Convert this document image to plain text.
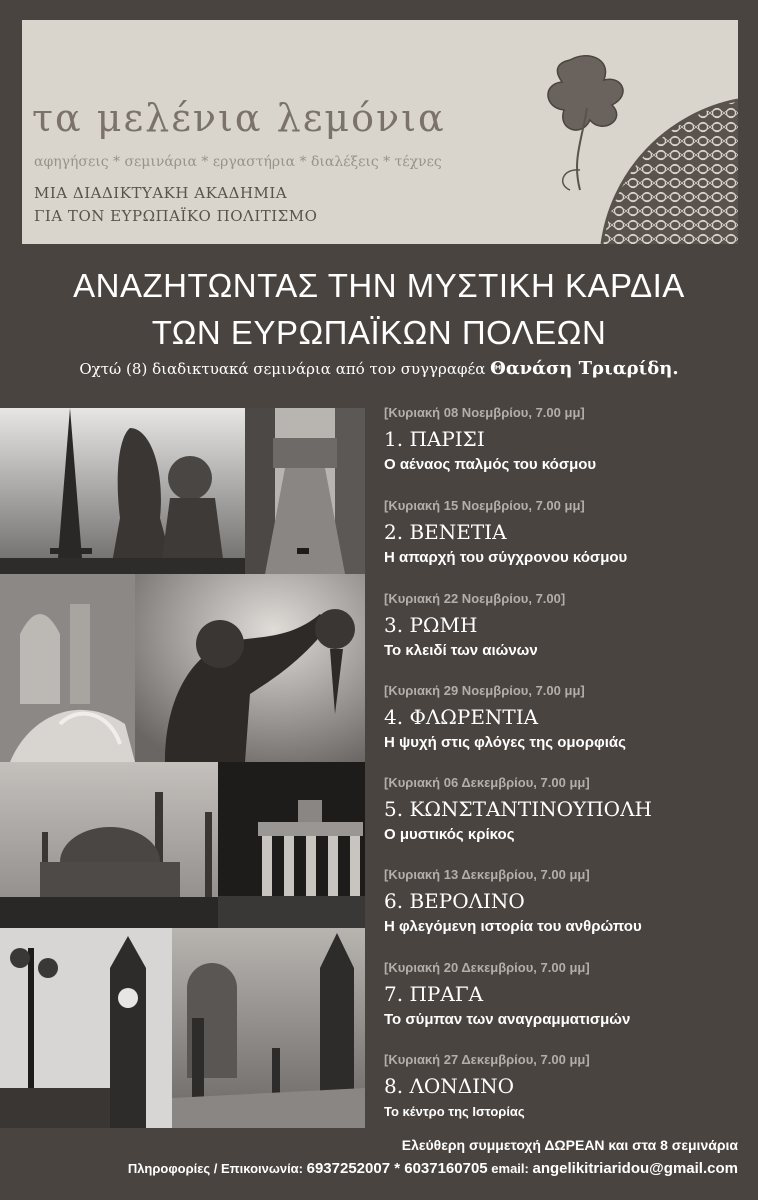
τα μελένια λεμόνια
αφηγήσεις * σεμινάρια * εργαστήρια * διαλέξεις * τέχνες
ΜΙΑ ΔΙΑΔΙΚΤΥΑΚΗ ΑΚΑΔΗΜΙΑ
ΓΙΑ ΤΟΝ ΕΥΡΩΠΑΪΚΟ ΠΟΛΙΤΙΣΜΟ
ΑΝΑΖΗΤΩΝΤΑΣ ΤΗΝ ΜΥΣΤΙΚΗ ΚΑΡΔΙΑ
ΤΩΝ ΕΥΡΩΠΑΪΚΩΝ ΠΟΛΕΩΝ
Οχτώ (8) διαδικτυακά σεμινάρια από τον συγγραφέα Θανάση Τριαρίδη.
[Κυριακή 08 Νοεμβρίου, 7.00 μμ]
1. ΠΑΡΙΣΙ
Ο αέναος παλμός του κόσμου
[Κυριακή 15 Νοεμβρίου, 7.00 μμ]
2. ΒΕΝΕΤΙΑ
Η απαρχή του σύγχρονου κόσμου
[Κυριακή 22 Νοεμβρίου, 7.00]
3. ΡΩΜΗ
Το κλειδί των αιώνων
[Κυριακή 29 Νοεμβρίου, 7.00 μμ]
4. ΦΛΩΡΕΝΤΙΑ
Η ψυχή στις φλόγες της ομορφιάς
[Κυριακή 06 Δεκεμβρίου, 7.00 μμ]
5. ΚΩΝΣΤΑΝΤΙΝΟΥΠΟΛΗ
Ο μυστικός κρίκος
[Κυριακή 13 Δεκεμβρίου, 7.00 μμ]
6. ΒΕΡΟΛΙΝΟ
Η φλεγόμενη ιστορία του ανθρώπου
[Κυριακή 20 Δεκεμβρίου, 7.00 μμ]
7. ΠΡΑΓΑ
Το σύμπαν των αναγραμματισμών
[Κυριακή 27 Δεκεμβρίου, 7.00 μμ]
8. ΛΟΝΔΙΝΟ
Το κέντρο της Ιστορίας
Ελεύθερη συμμετοχή ΔΩΡΕΑΝ και στα 8 σεμινάρια
Πληροφορίες / Επικοινωνία: 6937252007 * 6037160705 email: angelikitriaridou@gmail.com
